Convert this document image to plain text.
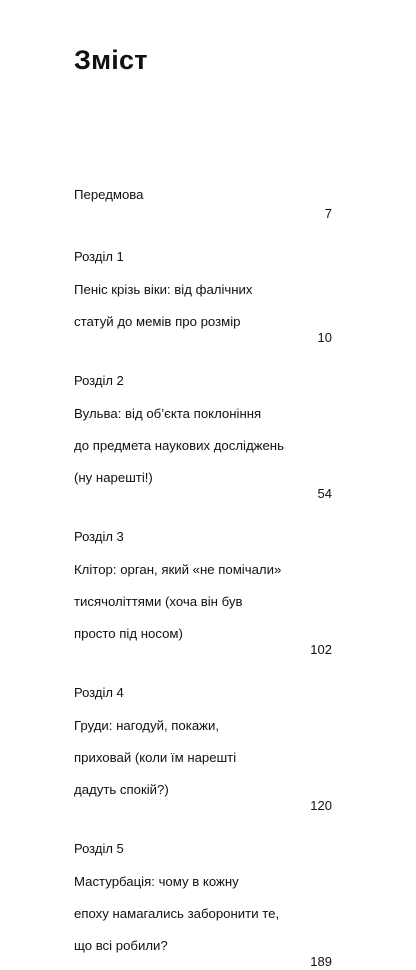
Зміст

Передмова

7
Розділ 1

Пеніс крізь віки: від фалічних

статуй до мемів про розмір

10
Розділ 2

Вульва: від об’єкта поклоніння

до предмета наукових досліджень

(ну нарешті!)

54
Розділ 3

Клітор: орган, який «не помічали»

тисячоліттями (хоча він був

просто під носом)

102
Розділ 4

Груди: нагодуй, покажи,

приховай (коли їм нарешті

дадуть спокій?)

120
Розділ 5

Мастурбація: чому в кожну

епоху намагались заборонити те,

що всі робили?

189
